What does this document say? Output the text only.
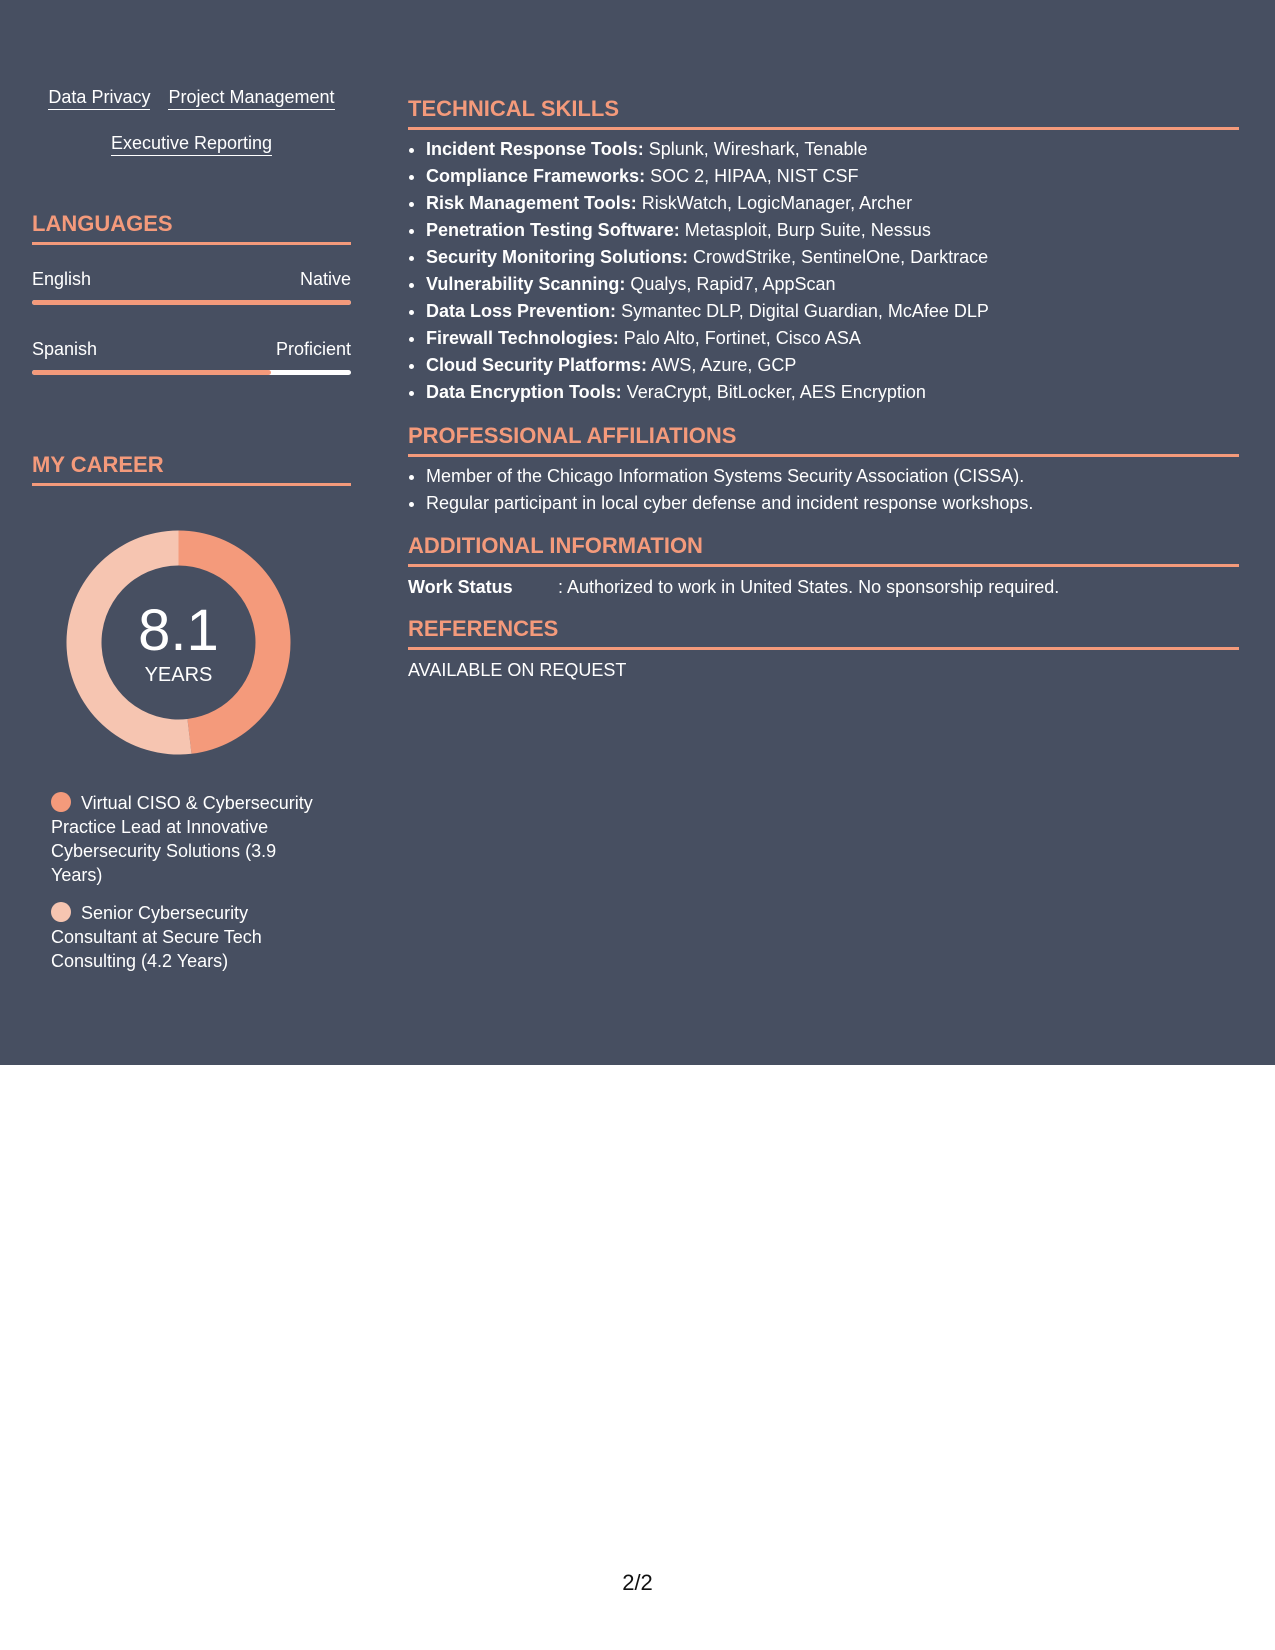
Data Privacy Project Management
Executive Reporting
LANGUAGES
English	Native
Spanish	Proficient
MY CAREER
8.1
YEARS
Virtual CISO & Cybersecurity Practice Lead at Innovative Cybersecurity Solutions (3.9 Years)
Senior Cybersecurity Consultant at Secure Tech Consulting (4.2 Years)
TECHNICAL SKILLS
• Incident Response Tools: Splunk, Wireshark, Tenable
• Compliance Frameworks: SOC 2, HIPAA, NIST CSF
• Risk Management Tools: RiskWatch, LogicManager, Archer
• Penetration Testing Software: Metasploit, Burp Suite, Nessus
• Security Monitoring Solutions: CrowdStrike, SentinelOne, Darktrace
• Vulnerability Scanning: Qualys, Rapid7, AppScan
• Data Loss Prevention: Symantec DLP, Digital Guardian, McAfee DLP
• Firewall Technologies: Palo Alto, Fortinet, Cisco ASA
• Cloud Security Platforms: AWS, Azure, GCP
• Data Encryption Tools: VeraCrypt, BitLocker, AES Encryption
PROFESSIONAL AFFILIATIONS
• Member of the Chicago Information Systems Security Association (CISSA).
• Regular participant in local cyber defense and incident response workshops.
ADDITIONAL INFORMATION
Work Status	: Authorized to work in United States. No sponsorship required.
REFERENCES
AVAILABLE ON REQUEST
2/2
